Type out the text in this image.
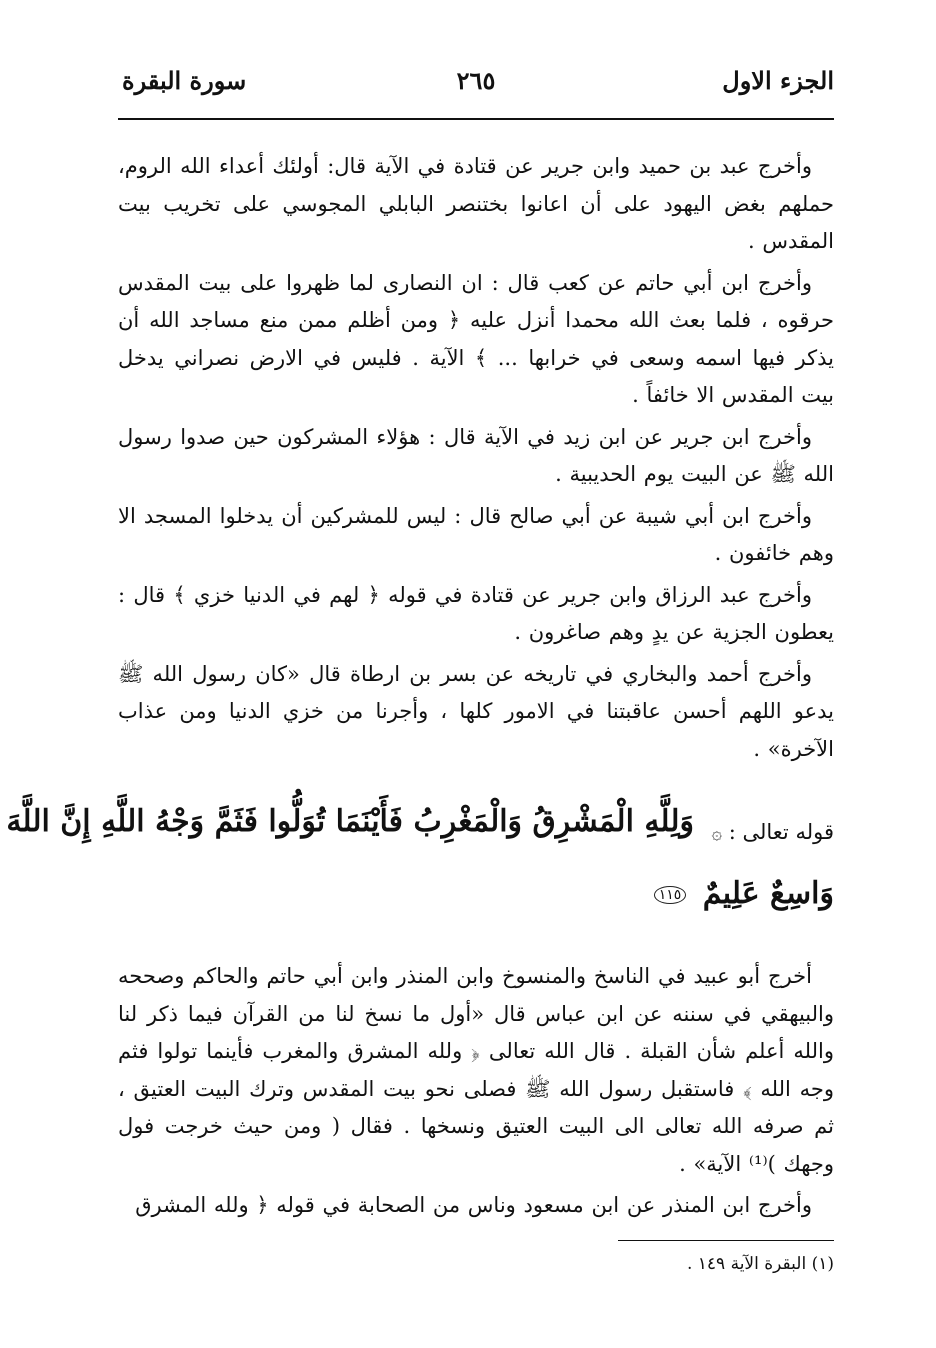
الجزء الاول
٢٦٥
سورة البقرة

وأخرج عبد بن حميد وابن جرير عن قتادة في الآية قال: أولئك أعداء الله الروم، حملهم بغض اليهود على أن اعانوا بختنصر البابلي المجوسي على تخريب بيت المقدس .

وأخرج ابن أبي حاتم عن كعب قال : ان النصارى لما ظهروا على بيت المقدس حرقوه ، فلما بعث الله محمدا أنزل عليه ﴿ ومن أظلم ممن منع مساجد الله أن يذكر فيها اسمه وسعى في خرابها ... ﴾ الآية . فليس في الارض نصراني يدخل بيت المقدس الا خائفاً .

وأخرج ابن جرير عن ابن زيد في الآية قال : هؤلاء المشركون حين صدوا رسول الله ﷺ عن البيت يوم الحديبية .

وأخرج ابن أبي شيبة عن أبي صالح قال : ليس للمشركين أن يدخلوا المسجد الا وهم خائفون .

وأخرج عبد الرزاق وابن جرير عن قتادة في قوله ﴿ لهم في الدنيا خزي ﴾ قال : يعطون الجزية عن يدٍ وهم صاغرون .

وأخرج أحمد والبخاري في تاريخه عن بسر بن ارطاة قال «كان رسول الله ﷺ يدعو اللهم أحسن عاقبتنا في الامور كلها ، وأجرنا من خزي الدنيا ومن عذاب الآخرة» .

قوله تعالى : ۞
وَلِلَّهِ الْمَشْرِقُ وَالْمَغْرِبُ فَأَيْنَمَا تُوَلُّوا فَثَمَّ وَجْهُ اللَّهِ إِنَّ اللَّهَ
وَاسِعٌ عَلِيمٌ ١١٥

أخرج أبو عبيد في الناسخ والمنسوخ وابن المنذر وابن أبي حاتم والحاكم وصححه والبيهقي في سننه عن ابن عباس قال «أول ما نسخ لنا من القرآن فيما ذكر لنا والله أعلم شأن القبلة . قال الله تعالى ﴿ ولله المشرق والمغرب فأينما تولوا فثم وجه الله ﴾ فاستقبل رسول الله ﷺ فصلى نحو بيت المقدس وترك البيت العتيق ، ثم صرفه الله تعالى الى البيت العتيق ونسخها . فقال ( ومن حيث خرجت فول وجهك )⁽¹⁾ الآية» .

وأخرج ابن المنذر عن ابن مسعود وناس من الصحابة في قوله ﴿ ولله المشرق

(١) البقرة الآية ١٤٩ .
